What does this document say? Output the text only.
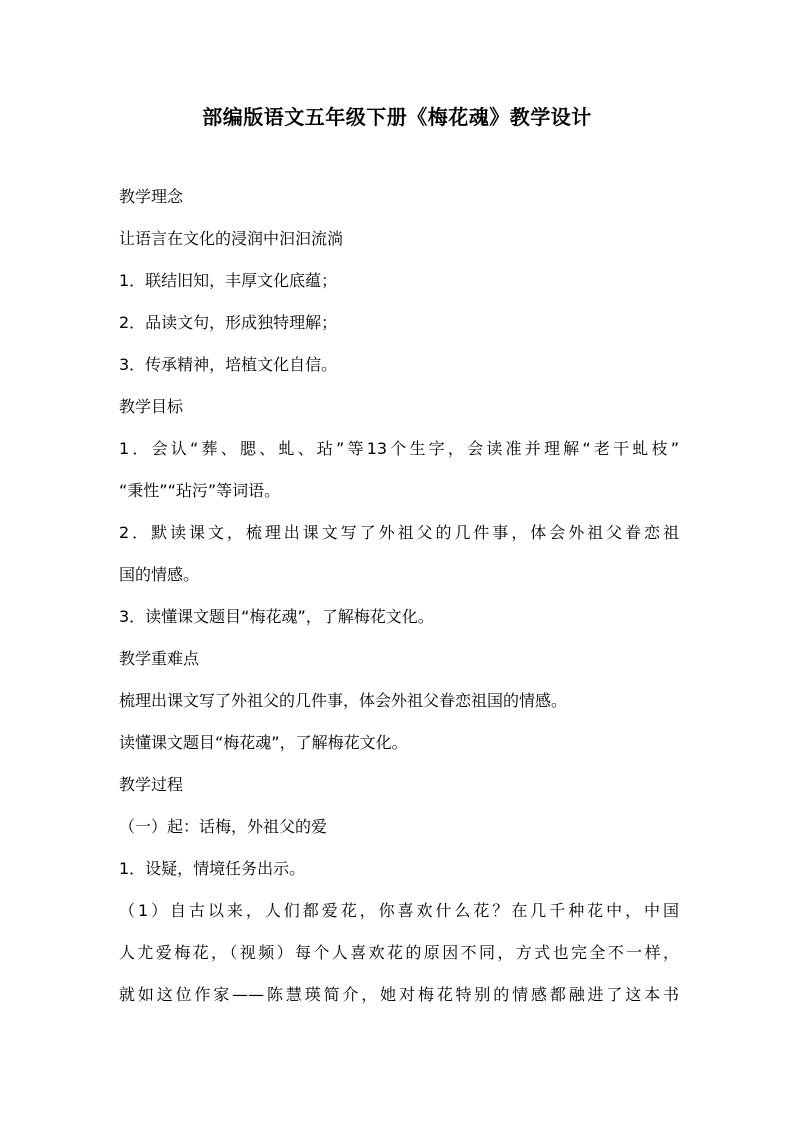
部编版语文五年级下册《梅花魂》教学设计
教学理念
让语言在文化的浸润中汩汩流淌
1．联结旧知，丰厚文化底蕴；
2．品读文句，形成独特理解；
3．传承精神，培植文化自信。
教学目标
1．会认“葬、腮、虬、玷”等13个生字，会读准并理解“老干虬枝”
“秉性”“玷污”等词语。
2．默读课文，梳理出课文写了外祖父的几件事，体会外祖父眷恋祖
国的情感。
3．读懂课文题目“梅花魂”，了解梅花文化。
教学重难点
梳理出课文写了外祖父的几件事，体会外祖父眷恋祖国的情感。
读懂课文题目“梅花魂”，了解梅花文化。
教学过程
（一）起：话梅，外祖父的爱
1．设疑，情境任务出示。
（1）自古以来，人们都爱花，你喜欢什么花？在几千种花中，中国
人尤爱梅花，（视频）每个人喜欢花的原因不同，方式也完全不一样，
就如这位作家——陈慧瑛简介，她对梅花特别的情感都融进了这本书
